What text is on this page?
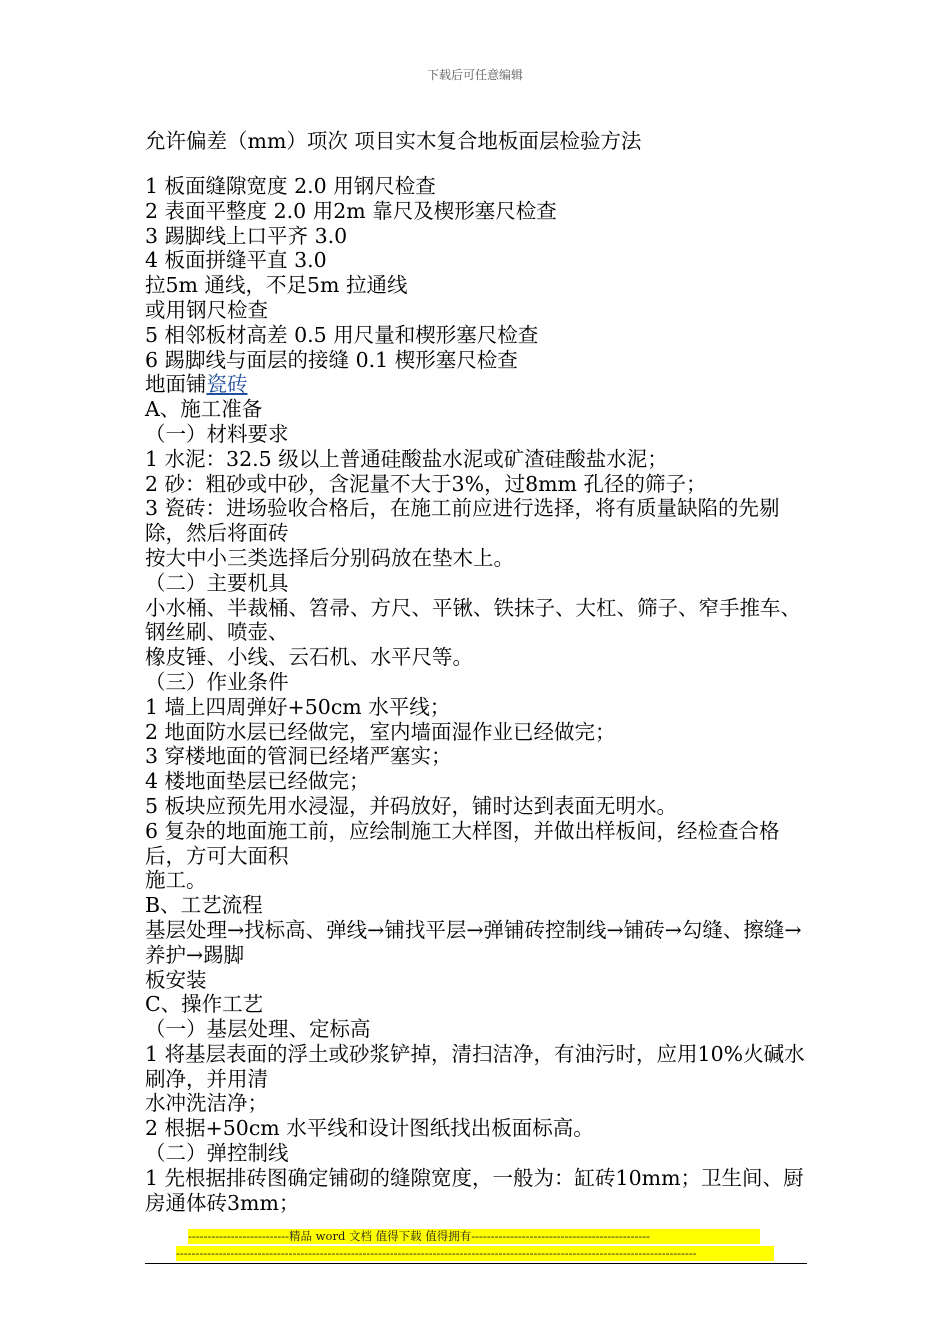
下载后可任意编辑
允许偏差（mm）项次 项目实木复合地板面层检验方法
1 板面缝隙宽度 2.0 用钢尺检查
2 表面平整度 2.0 用2m 靠尺及楔形塞尺检查
3 踢脚线上口平齐 3.0
4 板面拼缝平直 3.0
拉5m 通线，不足5m 拉通线
或用钢尺检查
5 相邻板材高差 0.5 用尺量和楔形塞尺检查
6 踢脚线与面层的接缝 0.1 楔形塞尺检查
地面铺瓷砖
A、施工准备
（一）材料要求
1 水泥：32.5 级以上普通硅酸盐水泥或矿渣硅酸盐水泥；
2 砂：粗砂或中砂，含泥量不大于3%，过8mm 孔径的筛子；
3 瓷砖：进场验收合格后，在施工前应进行选择，将有质量缺陷的先剔除，然后将面砖
按大中小三类选择后分别码放在垫木上。
（二）主要机具
小水桶、半裁桶、笤帚、方尺、平锹、铁抹子、大杠、筛子、窄手推车、钢丝刷、喷壶、
橡皮锤、小线、云石机、水平尺等。
（三）作业条件
1 墙上四周弹好+50cm 水平线；
2 地面防水层已经做完，室内墙面湿作业已经做完；
3 穿楼地面的管洞已经堵严塞实；
4 楼地面垫层已经做完；
5 板块应预先用水浸湿，并码放好，铺时达到表面无明水。
6 复杂的地面施工前，应绘制施工大样图，并做出样板间，经检查合格后，方可大面积
施工。
B、工艺流程
基层处理→找标高、弹线→铺找平层→弹铺砖控制线→铺砖→勾缝、擦缝→养护→踢脚
板安装
C、操作工艺
（一）基层处理、定标高
1 将基层表面的浮土或砂浆铲掉，清扫洁净，有油污时，应用10%火碱水刷净，并用清
水冲洗洁净；
2 根据+50cm 水平线和设计图纸找出板面标高。
（二）弹控制线
1 先根据排砖图确定铺砌的缝隙宽度，一般为：缸砖10mm；卫生间、厨房通体砖3mm；
--------------------------精品 word 文档 值得下载 值得拥有----------------------------------------------
--------------------------------------------------------------------------------------------------------------------------------------
